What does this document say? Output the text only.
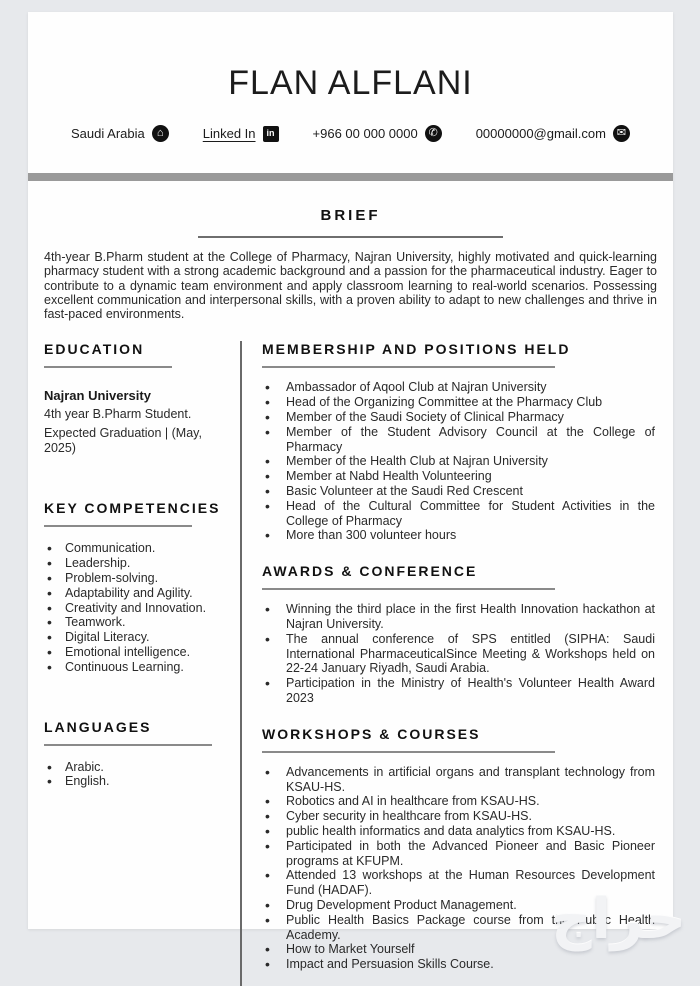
FLAN ALFLANI
Saudi Arabia	⌂	Linked In	in	+966 00 000 0000 ✆	00000000@gmail.com ✉
BRIEF
4th-year B.Pharm student at the College of Pharmacy, Najran University, highly motivated and quick-learning pharmacy student with a strong academic background and a passion for the pharmaceutical industry. Eager to contribute to a dynamic team environment and apply classroom learning to real-world scenarios. Possessing excellent communication and interpersonal skills, with a proven ability to adapt to new challenges and thrive in fast-paced environments.
EDUCATION
Najran University
4th year B.Pharm Student.
Expected Graduation | (May, 2025)
KEY COMPETENCIES
• Communication.
• Leadership.
• Problem-solving.
• Adaptability and Agility.
• Creativity and Innovation.
• Teamwork.
• Digital Literacy.
• Emotional intelligence.
• Continuous Learning.
LANGUAGES
• Arabic.
• English.
MEMBERSHIP AND POSITIONS HELD
• Ambassador of Aqool Club at Najran University
• Head of the Organizing Committee at the Pharmacy Club
• Member of the Saudi Society of Clinical Pharmacy
• Member of the Student Advisory Council at the College of Pharmacy
• Member of the Health Club at Najran University
• Member at Nabd Health Volunteering
• Basic Volunteer at the Saudi Red Crescent
• Head of the Cultural Committee for Student Activities in the College of Pharmacy
• More than 300 volunteer hours
AWARDS & CONFERENCE
• Winning the third place in the first Health Innovation hackathon at Najran University.
• The annual conference of SPS entitled (SIPHA: Saudi International PharmaceuticalSince Meeting & Workshops held on 22-24 January Riyadh, Saudi Arabia.
• Participation in the Ministry of Health's Volunteer Health Award 2023
WORKSHOPS & COURSES
• Advancements in artificial organs and transplant technology from KSAU-HS.
• Robotics and AI in healthcare from KSAU-HS.
• Cyber security in healthcare from KSAU-HS.
• public health informatics and data analytics from KSAU-HS.
• Participated in both the Advanced Pioneer and Basic Pioneer programs at KFUPM.
• Attended 13 workshops at the Human Resources Development Fund (HADAF).
• Drug Development Product Management.
• Public Health Basics Package course from the Public Health Academy.
• How to Market Yourself
• Impact and Persuasion Skills Course.
حراج
